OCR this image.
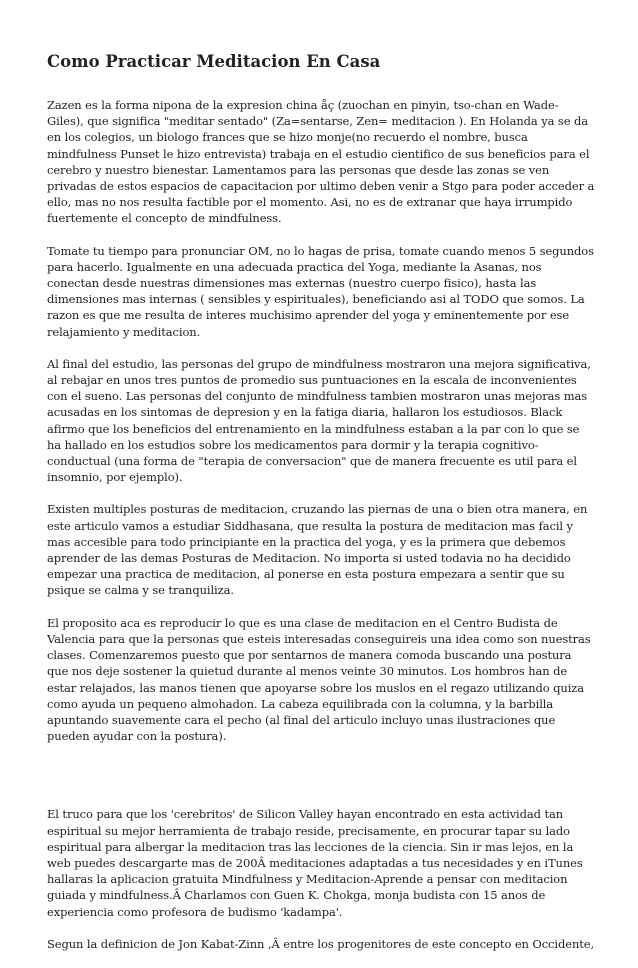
Como Practicar Meditacion En Casa

Zazen es la forma nipona de la expresion china åç (zuochan en pinyin, tso-chan en Wade-Giles), que significa "meditar sentado" (Za=sentarse, Zen= meditacion ). En Holanda ya se da en los colegios, un biologo frances que se hizo monje(no recuerdo el nombre, busca mindfulness Punset le hizo entrevista) trabaja en el estudio cientifico de sus beneficios para el cerebro y nuestro bienestar. Lamentamos para las personas que desde las zonas se ven privadas de estos espacios de capacitacion por ultimo deben venir a Stgo para poder acceder a ello, mas no nos resulta factible por el momento. Asi, no es de extranar que haya irrumpido fuertemente el concepto de mindfulness.

Tomate tu tiempo para pronunciar OM, no lo hagas de prisa, tomate cuando menos 5 segundos para hacerlo. Igualmente en una adecuada practica del Yoga, mediante la Asanas, nos conectan desde nuestras dimensiones mas externas (nuestro cuerpo fisico), hasta las dimensiones mas internas ( sensibles y espirituales), beneficiando asi al TODO que somos. La razon es que me resulta de interes muchisimo aprender del yoga y eminentemente por ese relajamiento y meditacion.

Al final del estudio, las personas del grupo de mindfulness mostraron una mejora significativa, al rebajar en unos tres puntos de promedio sus puntuaciones en la escala de inconvenientes con el sueno. Las personas del conjunto de mindfulness tambien mostraron unas mejoras mas acusadas en los sintomas de depresion y en la fatiga diaria, hallaron los estudiosos. Black afirmo que los beneficios del entrenamiento en la mindfulness estaban a la par con lo que se ha hallado en los estudios sobre los medicamentos para dormir y la terapia cognitivo-conductual (una forma de "terapia de conversacion" que de manera frecuente es util para el insomnio, por ejemplo).

Existen multiples posturas de meditacion, cruzando las piernas de una o bien otra manera, en este articulo vamos a estudiar Siddhasana, que resulta la postura de meditacion mas facil y mas accesible para todo principiante en la practica del yoga, y es la primera que debemos aprender de las demas Posturas de Meditacion. No importa si usted todavia no ha decidido empezar una practica de meditacion, al ponerse en esta postura empezara a sentir que su psique se calma y se tranquiliza.

El proposito aca es reproducir lo que es una clase de meditacion en el Centro Budista de Valencia para que la personas que esteis interesadas conseguireis una idea como son nuestras clases. Comenzaremos puesto que por sentarnos de manera comoda buscando una postura que nos deje sostener la quietud durante al menos veinte 30 minutos. Los hombros han de estar relajados, las manos tienen que apoyarse sobre los muslos en el regazo utilizando quiza como ayuda un pequeno almohadon. La cabeza equilibrada con la columna, y la barbilla apuntando suavemente cara el pecho (al final del articulo incluyo unas ilustraciones que pueden ayudar con la postura).

El truco para que los 'cerebritos' de Silicon Valley hayan encontrado en esta actividad tan espiritual su mejor herramienta de trabajo reside, precisamente, en procurar tapar su lado espiritual para albergar la meditacion tras las lecciones de la ciencia. Sin ir mas lejos, en la web puedes descargarte mas de 200Â meditaciones adaptadas a tus necesidades y en iTunes hallaras la aplicacion gratuita Mindfulness y Meditacion-Aprende a pensar con meditacion guiada y mindfulness.Â Charlamos con Guen K. Chokga, monja budista con 15 anos de experiencia como profesora de budismo 'kadampa'.

Segun la definicion de Jon Kabat-Zinn ,Â entre los progenitores de este concepto en Occidente,
